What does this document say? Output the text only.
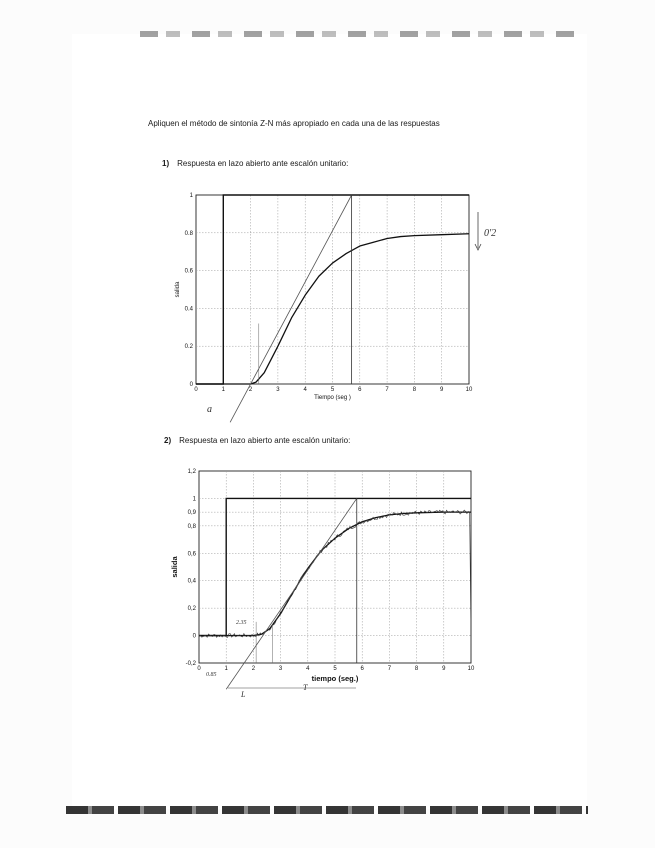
Apliquen el método de sintonía Z-N más apropiado en cada una de las respuestas
1) Respuesta en lazo abierto ante escalón unitario:
2) Respuesta en lazo abierto ante escalón unitario:
0	1	2	3	4	5	6	7	8	9	10
0
0.2
0.4
0.6
0.8
1
Tiempo (seg )
salida
0	1	2	3	4	5	6	7	8	9	10
-0,2
0
0,2
0,4
0,6
0,8
0,9
1
1,2
tiempo (seg.)
salida
0'2
a
2.35
0.85
L
T
